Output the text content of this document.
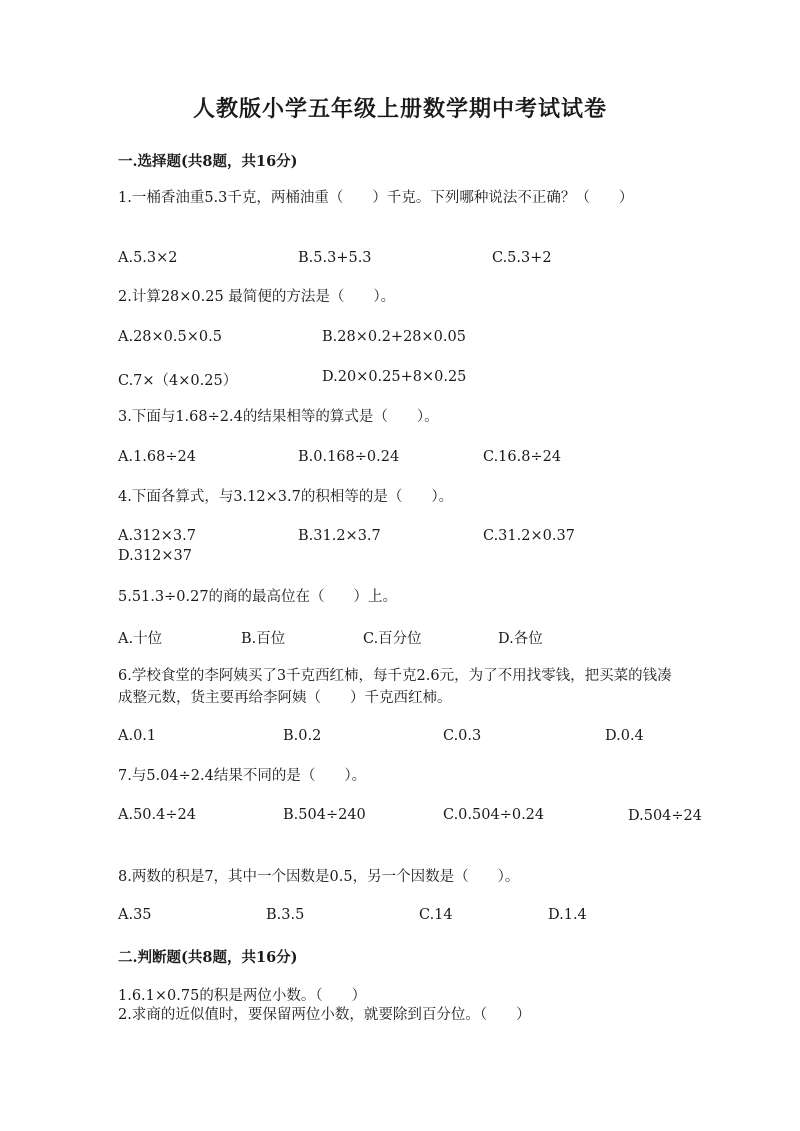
人教版小学五年级上册数学期中考试试卷
一.选择题(共8题，共16分)
1.一桶香油重5.3千克，两桶油重（　　）千克。下列哪种说法不正确？（　　）
A.5.3×2	B.5.3+5.3	C.5.3+2
2.计算28×0.25 最简便的方法是（　　）。
A.28×0.5×0.5	B.28×0.2+28×0.05
C.7×（4×0.25）	D.20×0.25+8×0.25
3.下面与1.68÷2.4的结果相等的算式是（　　）。
A.1.68÷24	B.0.168÷0.24	C.16.8÷24
4.下面各算式，与3.12×3.7的积相等的是（　　）。
A.312×3.7	B.31.2×3.7	C.31.2×0.37
D.312×37
5.51.3÷0.27的商的最高位在（　　）上。
A.十位	B.百位	C.百分位	D.各位
6.学校食堂的李阿姨买了3千克西红柿，每千克2.6元，为了不用找零钱，把买菜的钱凑成整元数，货主要再给李阿姨（　　）千克西红柿。
A.0.1	B.0.2	C.0.3	D.0.4
7.与5.04÷2.4结果不同的是（　　）。
A.50.4÷24	B.504÷240	C.0.504÷0.24	D.504÷24
8.两数的积是7，其中一个因数是0.5，另一个因数是（　　）。
A.35	B.3.5	C.14	D.1.4
二.判断题(共8题，共16分)
1.6.1×0.75的积是两位小数。（　　）
2.求商的近似值时，要保留两位小数，就要除到百分位。（　　）
